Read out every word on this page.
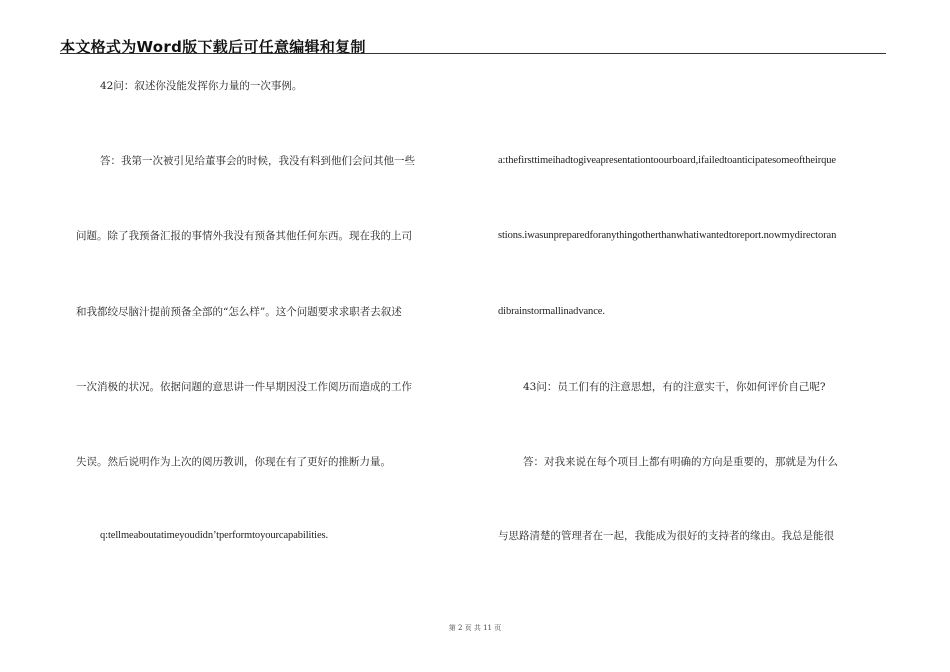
本文格式为Word版下载后可任意编辑和复制
42问：叙述你没能发挥你力量的一次事例。
答：我第一次被引见给董事会的时候，我没有料到他们会问其他一些
问题。除了我预备汇报的事情外我没有预备其他任何东西。现在我的上司
和我都绞尽脑汁提前预备全部的“怎么样”。这个问题要求求职者去叙述
一次消极的状况。依据问题的意思讲一件早期因没工作阅历而造成的工作
失误。然后说明作为上次的阅历教训，你现在有了更好的推断力量。
q:tellmeaboutatimeyoudidn’tperformtoyourcapabilities.
a:thefirsttimeihadtogiveapresentationtoourboard,ifailedtoanticipatesomeoftheirque
stions.iwasunpreparedforanythingotherthanwhatiwantedtoreport.nowmydirectoran
dibrainstormallinadvance.
43问：员工们有的注意思想，有的注意实干，你如何评价自己呢?
答：对我来说在每个项目上都有明确的方向是重要的，那就是为什么
与思路清楚的管理者在一起，我能成为很好的支持者的缘由。我总是能很
第 2 页 共 11 页
